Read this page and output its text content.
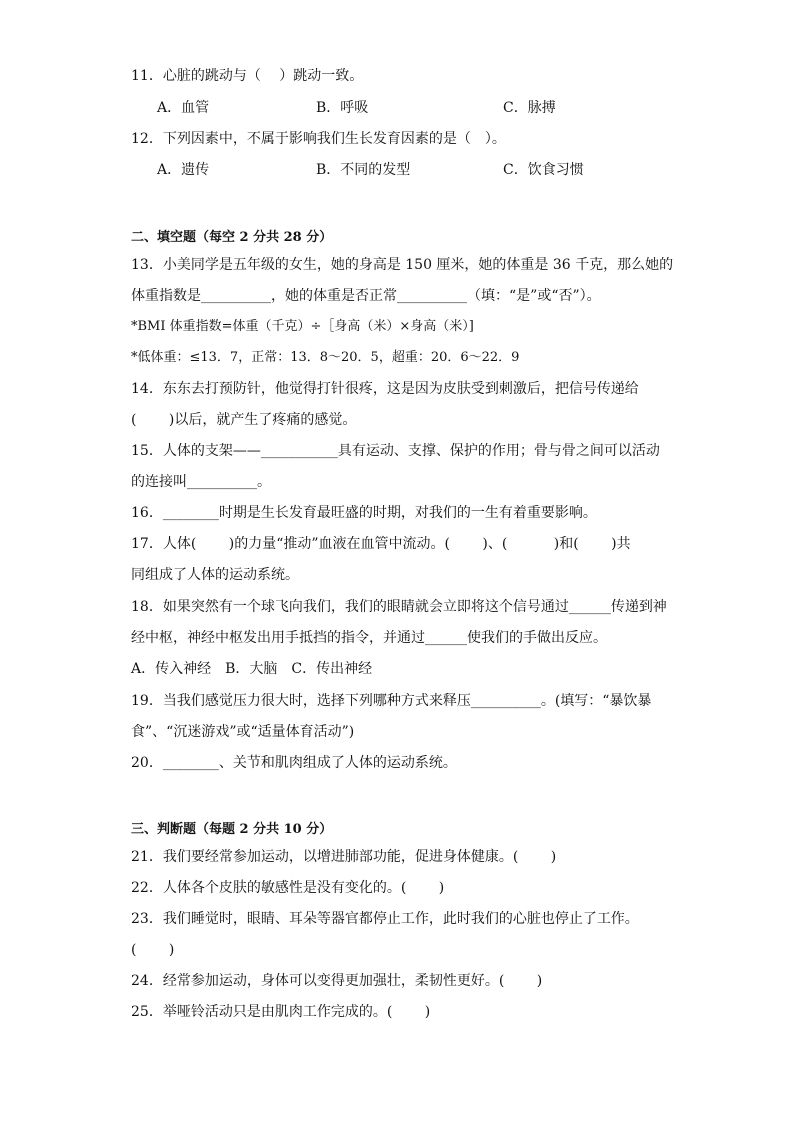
11．心脏的跳动与（　 ）跳动一致。
A．血管	B．呼吸	C．脉搏
12．下列因素中，不属于影响我们生长发育因素的是（　）。
A．遗传	B．不同的发型	C．饮食习惯
二、填空题（每空 2 分共 28 分）
13．小美同学是五年级的女生，她的身高是 150 厘米，她的体重是 36 千克，那么她的
体重指数是__________，她的体重是否正常__________（填：“是”或“否”）。
*BMI 体重指数=体重（千克）÷［身高（米）×身高（米）]
*低体重：≤13．7，正常：13．8～20．5，超重：20．6～22．9
14．东东去打预防针，他觉得打针很疼，这是因为皮肤受到刺激后，把信号传递给
(　　 )以后，就产生了疼痛的感觉。
15．人体的支架——___________具有运动、支撑、保护的作用；骨与骨之间可以活动
的连接叫__________。
16．________时期是生长发育最旺盛的时期，对我们的一生有着重要影响。
17．人体(　　 )的力量“推动”血液在血管中流动。(　　 )、(　　　 )和(　　 )共
同组成了人体的运动系统。
18．如果突然有一个球飞向我们，我们的眼睛就会立即将这个信号通过______传递到神
经中枢，神经中枢发出用手抵挡的指令，并通过______使我们的手做出反应。
A．传入神经　B．大脑　C．传出神经
19．当我们感觉压力很大时，选择下列哪种方式来释压__________。(填写：“暴饮暴
食”、“沉迷游戏”或“适量体育活动”)
20．________、关节和肌肉组成了人体的运动系统。
三、判断题（每题 2 分共 10 分）
21．我们要经常参加运动，以增进肺部功能，促进身体健康。(　　 )
22．人体各个皮肤的敏感性是没有变化的。(　　 )
23．我们睡觉时，眼睛、耳朵等器官都停止工作，此时我们的心脏也停止了工作。
(　　 )
24．经常参加运动，身体可以变得更加强壮，柔韧性更好。(　　 )
25．举哑铃活动只是由肌肉工作完成的。(　　 )
